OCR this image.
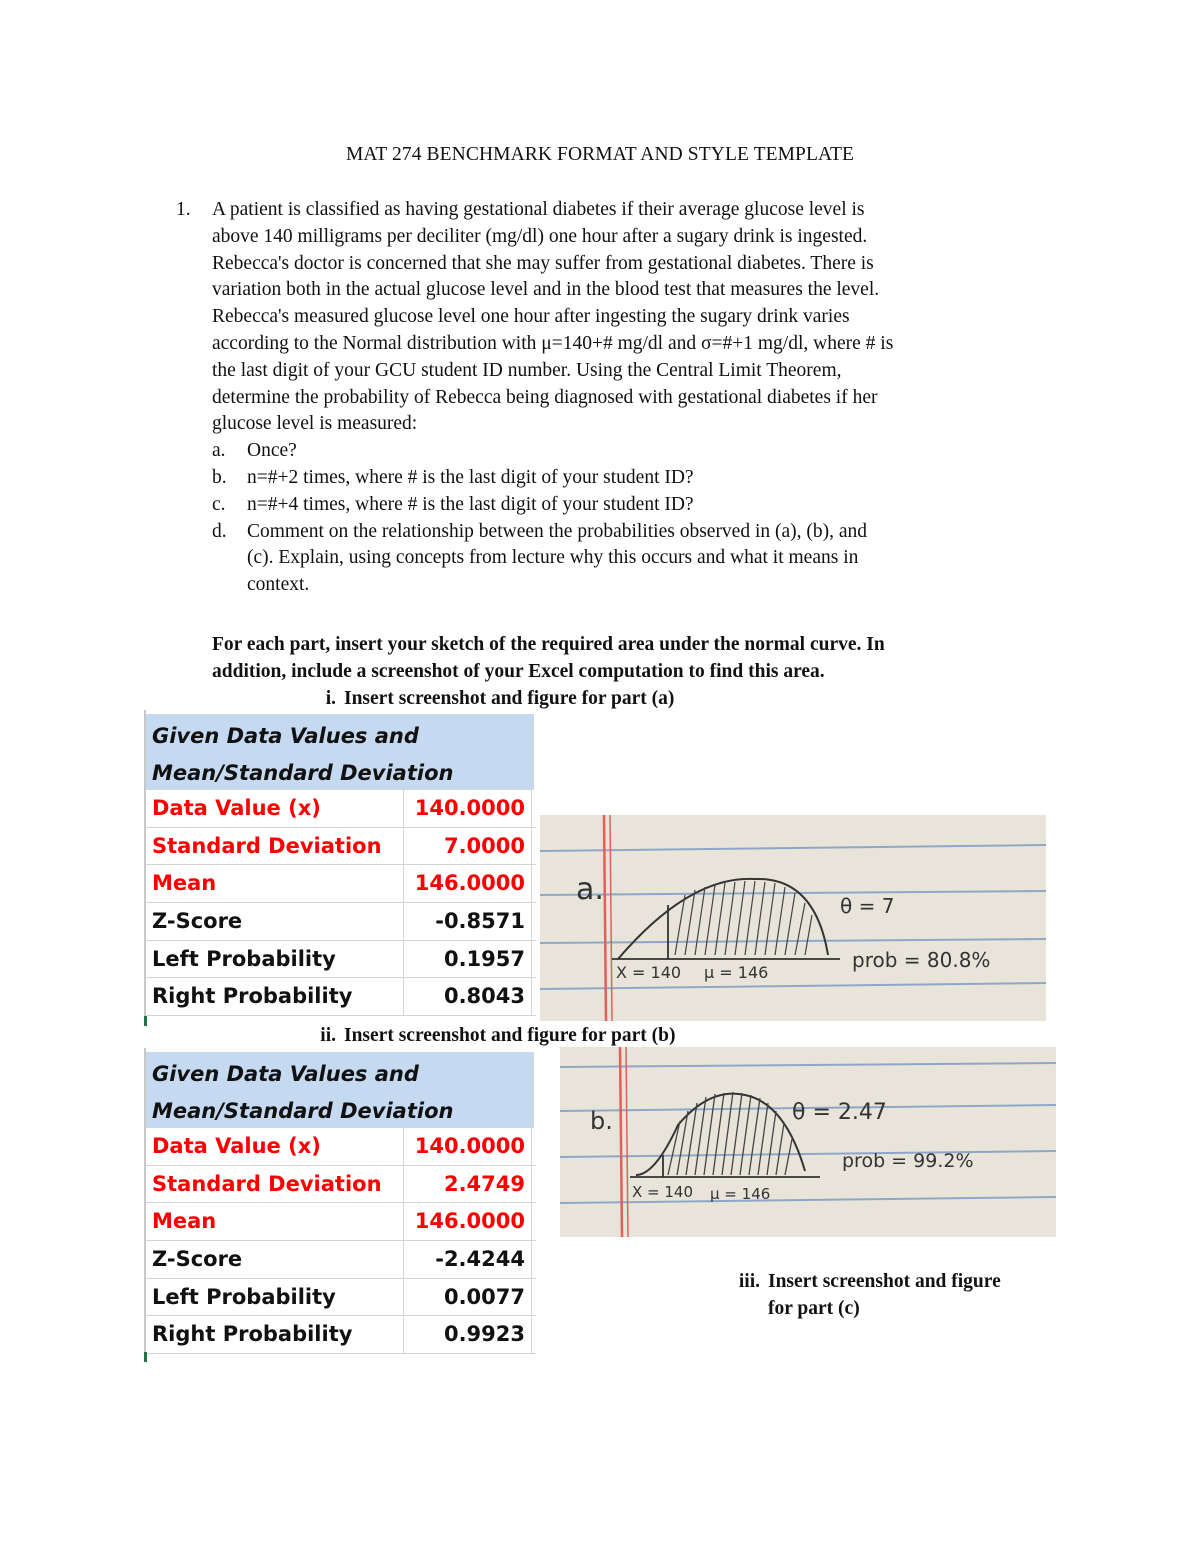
MAT 274 BENCHMARK FORMAT AND STYLE TEMPLATE
1. A patient is classified as having gestational diabetes if their average glucose level is
above 140 milligrams per deciliter (mg/dl) one hour after a sugary drink is ingested.
Rebecca's doctor is concerned that she may suffer from gestational diabetes. There is
variation both in the actual glucose level and in the blood test that measures the level.
Rebecca's measured glucose level one hour after ingesting the sugary drink varies
according to the Normal distribution with μ=140+# mg/dl and σ=#+1 mg/dl, where # is
the last digit of your GCU student ID number. Using the Central Limit Theorem,
determine the probability of Rebecca being diagnosed with gestational diabetes if her
glucose level is measured:
a. Once?
b. n=#+2 times, where # is the last digit of your student ID?
c. n=#+4 times, where # is the last digit of your student ID?
d. Comment on the relationship between the probabilities observed in (a), (b), and
(c). Explain, using concepts from lecture why this occurs and what it means in
context.
For each part, insert your sketch of the required area under the normal curve. In
addition, include a screenshot of your Excel computation to find this area.
i. Insert screenshot and figure for part (a)
Given Data Values and
Mean/Standard Deviation
Data Value (x)	140.0000
Standard Deviation	7.0000
Mean	146.0000
Z-Score	-0.8571
Left Probability	0.1957
Right Probability	0.8043
a.	θ = 7
prob = 80.8%
X = 140 μ = 146
ii. Insert screenshot and figure for part (b)
Given Data Values and
Mean/Standard Deviation
Data Value (x)	140.0000
Standard Deviation	2.4749
Mean	146.0000
Z-Score	-2.4244
Left Probability	0.0077
Right Probability	0.9923
b.	θ = 2.47
prob = 99.2%
X = 140 μ = 146
iii. Insert screenshot and figure
for part (c)
